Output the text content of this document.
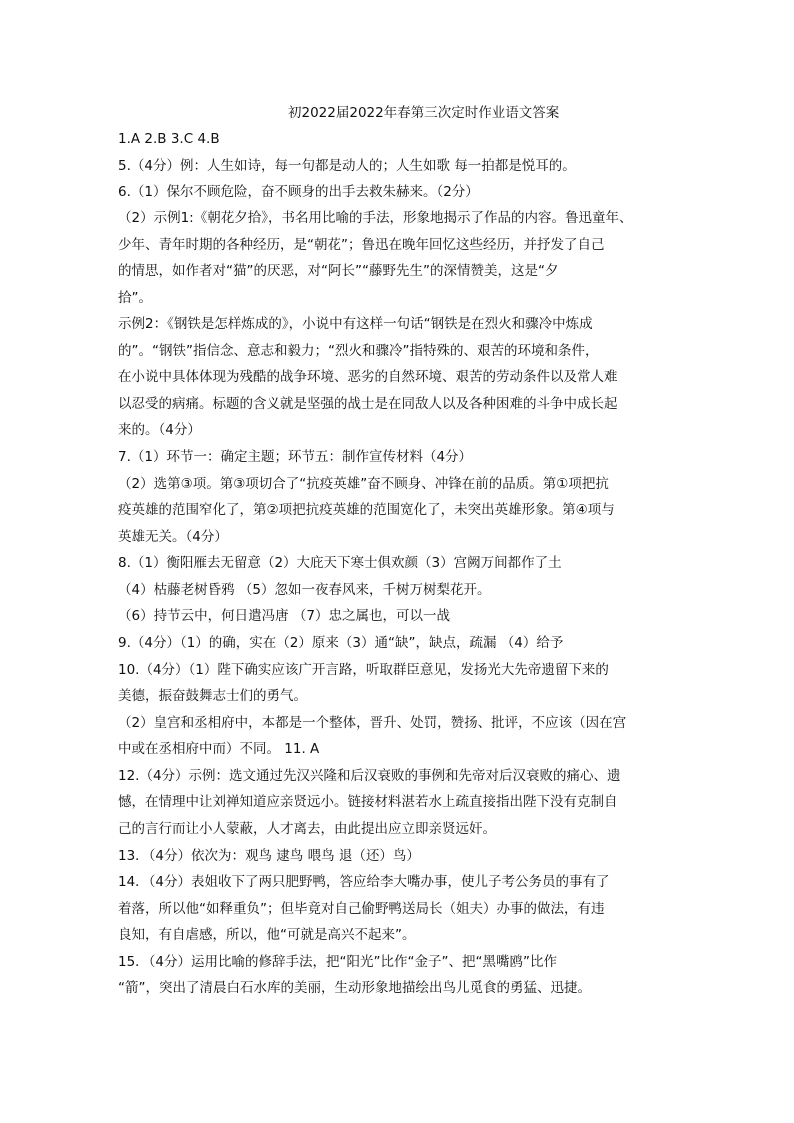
初2022届2022年春第三次定时作业语文答案
1.A 2.B 3.C 4.B
5.（4分）例：人生如诗，每一句都是动人的；人生如歌 每一拍都是悦耳的。
6.（1）保尔不顾危险，奋不顾身的出手去救朱赫来。（2分）
（2）示例1:《朝花夕拾》，书名用比喻的手法，形象地揭示了作品的内容。鲁迅童年、
少年、青年时期的各种经历，是“朝花”；鲁迅在晚年回忆这些经历，并抒发了自己
的情思，如作者对“猫”的厌恶，对“阿长”“藤野先生”的深情赞美，这是“夕
拾”。
示例2：《钢铁是怎样炼成的》，小说中有这样一句话“钢铁是在烈火和骤冷中炼成
的”。“钢铁”指信念、意志和毅力；“烈火和骤冷”指特殊的、艰苦的环境和条件，
在小说中具体体现为残酷的战争环境、恶劣的自然环境、艰苦的劳动条件以及常人难
以忍受的病痛。标题的含义就是坚强的战士是在同敌人以及各种困难的斗争中成长起
来的。（4分）
7.（1）环节一：确定主题；环节五：制作宣传材料（4分）
（2）选第③项。第③项切合了“抗疫英雄”奋不顾身、冲锋在前的品质。第①项把抗
疫英雄的范围窄化了，第②项把抗疫英雄的范围宽化了，未突出英雄形象。第④项与
英雄无关。（4分）
8.（1）衡阳雁去无留意（2）大庇天下寒士俱欢颜（3）宫阙万间都作了土
（4）枯藤老树昏鸦 （5）忽如一夜春风来，千树万树梨花开。
（6）持节云中，何日遣冯唐 （7）忠之属也，可以一战
9.（4分）（1）的确，实在（2）原来（3）通“缺”，缺点，疏漏 （4）给予
10.（4分）（1）陛下确实应该广开言路，听取群臣意见，发扬光大先帝遗留下来的
美德，振奋鼓舞志士们的勇气。
（2）皇宫和丞相府中，本都是一个整体，晋升、处罚，赞扬、批评，不应该（因在宫
中或在丞相府中而）不同。 11. A
12.（4分）示例：选文通过先汉兴隆和后汉衰败的事例和先帝对后汉衰败的痛心、遗
憾，在情理中让刘禅知道应亲贤远小。链接材料湛若水上疏直接指出陛下没有克制自
己的言行而让小人蒙蔽，人才离去，由此提出应立即亲贤远奸。
13．（4分）依次为：观鸟 逮鸟 喂鸟 退（还）鸟）
14．（4分）表姐收下了两只肥野鸭，答应给李大嘴办事，使儿子考公务员的事有了
着落，所以他“如释重负”；但毕竟对自己偷野鸭送局长（姐夫）办事的做法，有违
良知，有自虐感，所以，他“可就是高兴不起来”。
15．（4分）运用比喻的修辞手法，把“阳光”比作“金子”、把“黑嘴鸥”比作
“箭”，突出了清晨白石水库的美丽，生动形象地描绘出鸟儿觅食的勇猛、迅捷。
